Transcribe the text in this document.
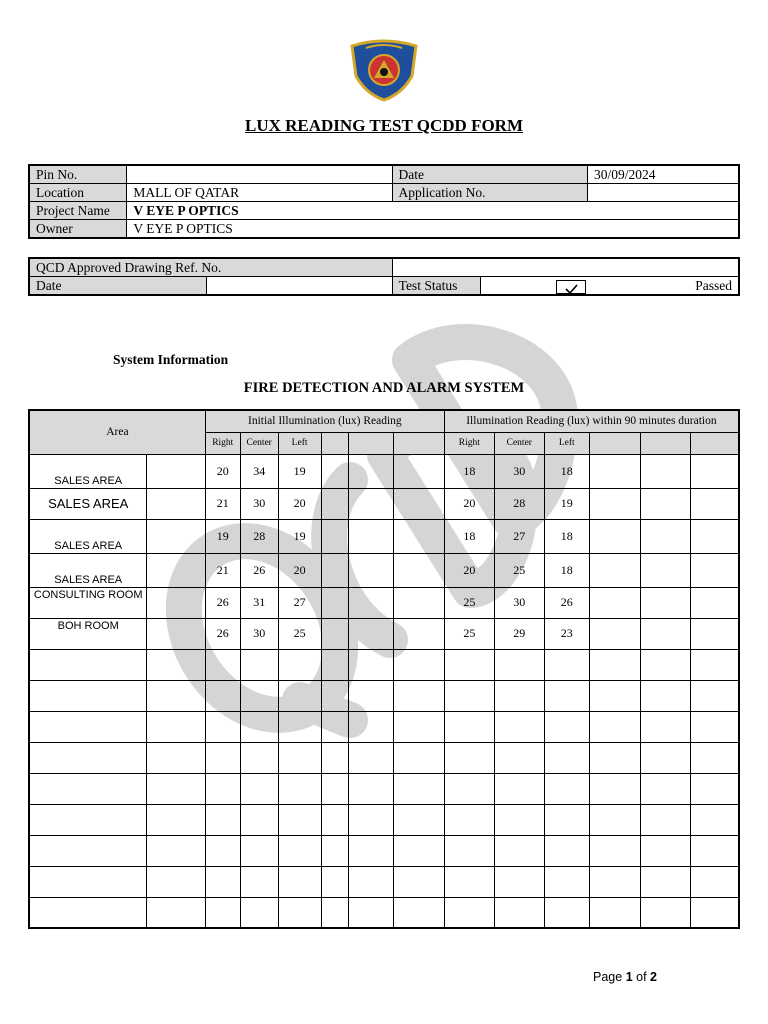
LUX READING TEST QCDD FORM
Pin No.		Date	30/09/2024
Location	MALL OF QATAR	Application No.	
Project Name	V EYE P OPTICS		
Owner	V EYE P OPTICS		
QCD Approved Drawing Ref. No.			
Date		Test Status	Passed
System Information
FIRE DETECTION AND ALARM SYSTEM
Area		Initial Illumination (lux) Reading						Illumination Reading (lux) within 90 minutes duration					
		Right	Center	Left				Right	Center	Left			
SALES AREA		20	34	19				18	30	18			
SALES AREA		21	30	20				20	28	19			
SALES AREA		19	28	19				18	27	18			
SALES AREA		21	26	20				20	25	18			
CONSULTING ROOM		26	31	27				25	30	26			
BOH ROOM		26	30	25				25	29	23			

Page 1 of 2
